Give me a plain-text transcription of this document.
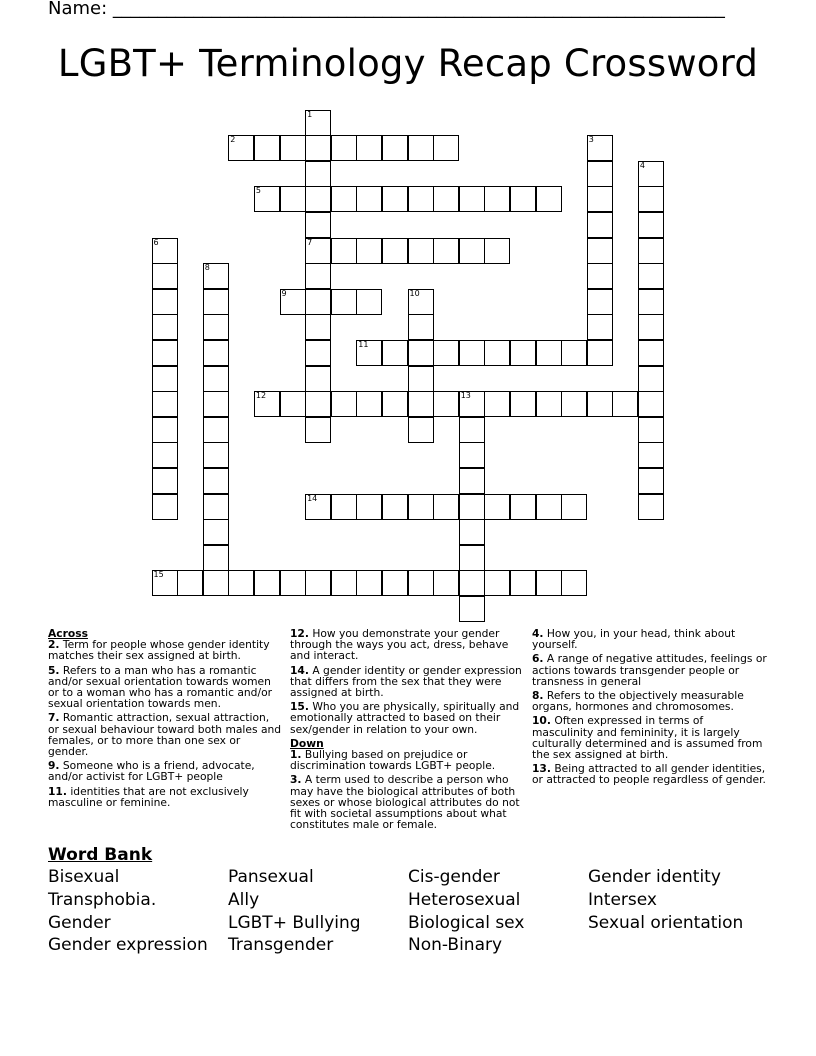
Name: ____________________________________________________________________
LGBT+ Terminology Recap Crossword
1
7
2	3
4
5
6
8
9	10
11
12	13
14
15
Across
2. Term for people whose gender identity matches their sex assigned at birth.
5. Refers to a man who has a romantic and/or sexual orientation towards women or to a woman who has a romantic and/or sexual orientation towards men.
7. Romantic attraction, sexual attraction, or sexual behaviour toward both males and females, or to more than one sex or gender.
9. Someone who is a friend, advocate, and/or activist for LGBT+ people
11. identities that are not exclusively masculine or feminine.
12. How you demonstrate your gender through the ways you act, dress, behave and interact.
14. A gender identity or gender expression that differs from the sex that they were assigned at birth.
15. Who you are physically, spiritually and emotionally attracted to based on their sex/gender in relation to your own.
Down
1. Bullying based on prejudice or discrimination towards LGBT+ people.
3. A term used to describe a person who may have the biological attributes of both sexes or whose biological attributes do not fit with societal assumptions about what constitutes male or female.
4. How you, in your head, think about yourself.
6. A range of negative attitudes, feelings or actions towards transgender people or transness in general
8. Refers to the objectively measurable organs, hormones and chromosomes.
10. Often expressed in terms of masculinity and femininity, it is largely culturally determined and is assumed from the sex assigned at birth.
13. Being attracted to all gender identities, or attracted to people regardless of gender.
Word Bank
Bisexual
Transphobia.
Gender
Gender expression
Pansexual
Ally
LGBT+ Bullying
Transgender
Cis-gender
Heterosexual
Biological sex
Non-Binary
Gender identity
Intersex
Sexual orientation
